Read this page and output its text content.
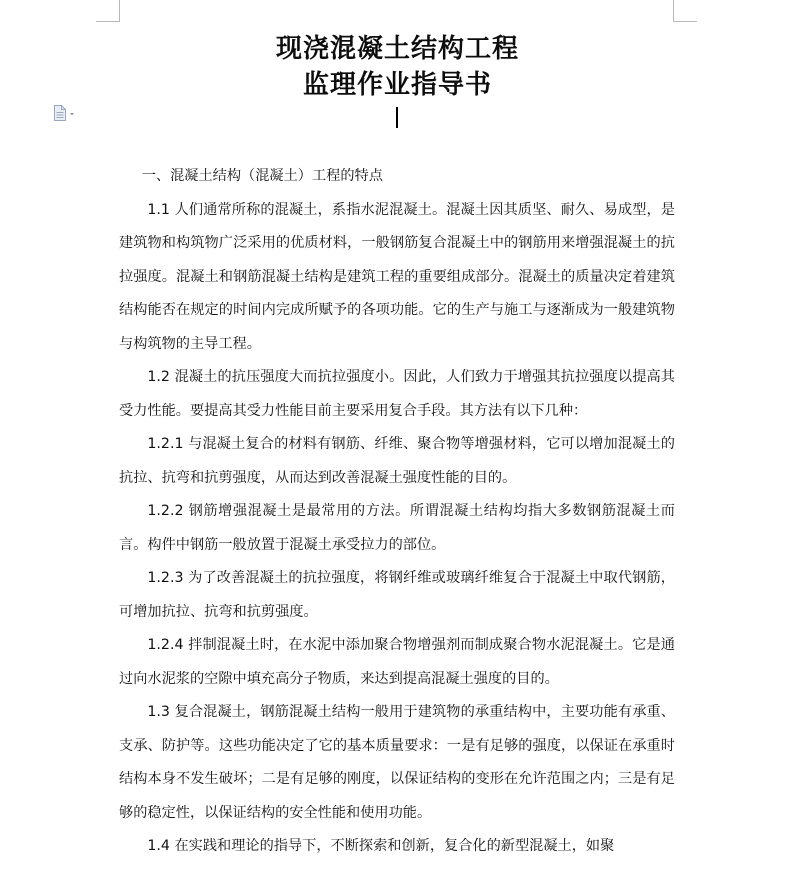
现浇混凝土结构工程
监理作业指导书

一、混凝土结构（混凝土）工程的特点

1.1 人们通常所称的混凝土，系指水泥混凝土。混凝土因其质坚、耐久、易成型，是建筑物和构筑物广泛采用的优质材料，一般钢筋复合混凝土中的钢筋用来增强混凝土的抗拉强度。混凝土和钢筋混凝土结构是建筑工程的重要组成部分。混凝土的质量决定着建筑结构能否在规定的时间内完成所赋予的各项功能。它的生产与施工与逐渐成为一般建筑物与构筑物的主导工程。

1.2 混凝土的抗压强度大而抗拉强度小。因此，人们致力于增强其抗拉强度以提高其受力性能。要提高其受力性能目前主要采用复合手段。其方法有以下几种：

1.2.1 与混凝土复合的材料有钢筋、纤维、聚合物等增强材料，它可以增加混凝土的抗拉、抗弯和抗剪强度，从而达到改善混凝土强度性能的目的。

1.2.2 钢筋增强混凝土是最常用的方法。所谓混凝土结构均指大多数钢筋混凝土而言。构件中钢筋一般放置于混凝土承受拉力的部位。

1.2.3 为了改善混凝土的抗拉强度，将钢纤维或玻璃纤维复合于混凝土中取代钢筋，可增加抗拉、抗弯和抗剪强度。

1.2.4 拌制混凝土时，在水泥中添加聚合物增强剂而制成聚合物水泥混凝土。它是通过向水泥浆的空隙中填充高分子物质，来达到提高混凝土强度的目的。

1.3 复合混凝土，钢筋混凝土结构一般用于建筑物的承重结构中，主要功能有承重、支承、防护等。这些功能决定了它的基本质量要求：一是有足够的强度，以保证在承重时结构本身不发生破坏；二是有足够的刚度，以保证结构的变形在允许范围之内；三是有足够的稳定性，以保证结构的安全性能和使用功能。

1.4 在实践和理论的指导下，不断探索和创新，复合化的新型混凝土，如聚
